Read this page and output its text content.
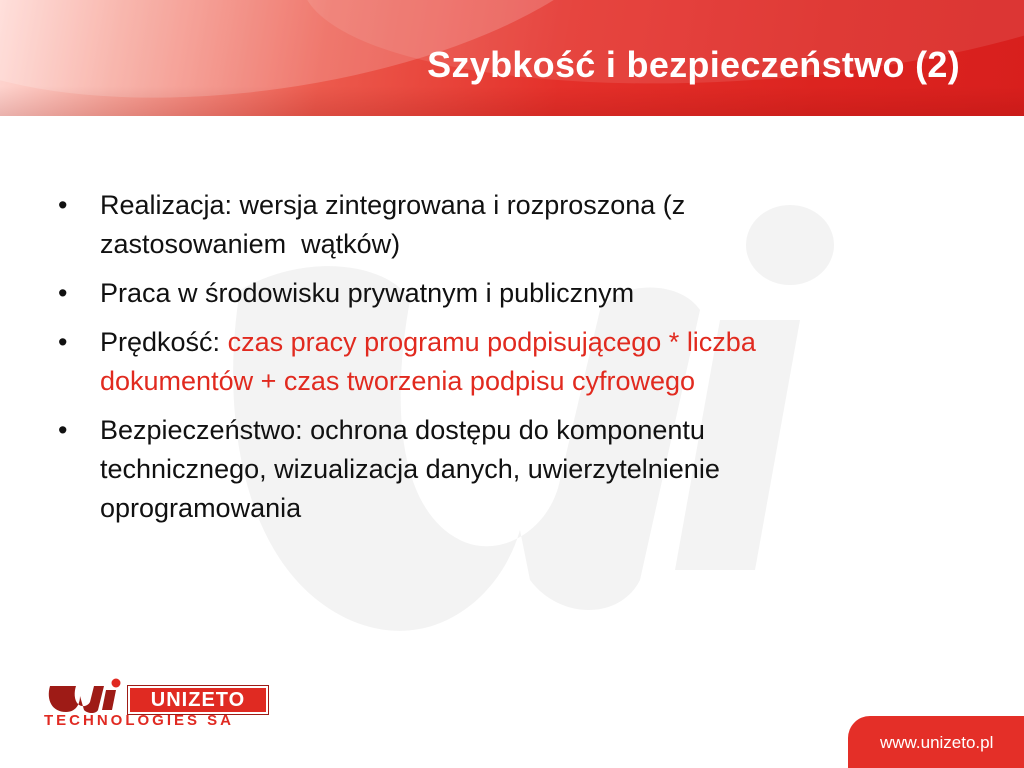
Szybkość i bezpieczeństwo (2)
• Realizacja: wersja zintegrowana i rozproszona (z
zastosowaniem  wątków)
• Praca w środowisku prywatnym i publicznym
• Prędkość: czas pracy programu podpisującego * liczba
dokumentów + czas tworzenia podpisu cyfrowego
• Bezpieczeństwo: ochrona dostępu do komponentu
technicznego, wizualizacja danych, uwierzytelnienie
oprogramowania
UNIZETO
TECHNOLOGIES SA
www.unizeto.pl
